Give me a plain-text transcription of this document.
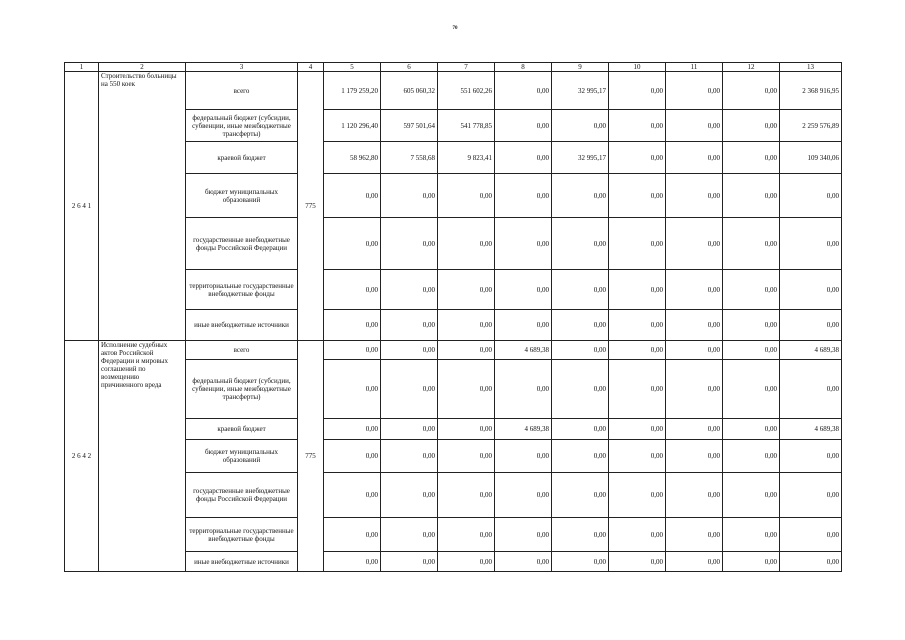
70
1	2	3	4	5	6	7	8	9	10	11	12	13
2 6 4 1	Строительство больницы на 550 коек	всего	775	1 179 259,20	605 060,32	551 602,26	0,00	32 995,17	0,00	0,00	0,00	2 368 916,95
		федеральный бюджет (субсидии, субвенции, иные межбюджетные трансферты)		1 120 296,40	597 501,64	541 778,85	0,00	0,00	0,00	0,00	0,00	2 259 576,89
		краевой бюджет		58 962,80	7 558,68	9 823,41	0,00	32 995,17	0,00	0,00	0,00	109 340,06
		бюджет муниципальных образований		0,00	0,00	0,00	0,00	0,00	0,00	0,00	0,00	0,00
		государственные внебюджетные фонды Российской Федерации		0,00	0,00	0,00	0,00	0,00	0,00	0,00	0,00	0,00
		территориальные государственные внебюджетные фонды		0,00	0,00	0,00	0,00	0,00	0,00	0,00	0,00	0,00
		иные внебюджетные источники		0,00	0,00	0,00	0,00	0,00	0,00	0,00	0,00	0,00
2 6 4 2	Исполнение судебных актов Российской Федерации и мировых соглашений по возмещению причиненного вреда	всего	775	0,00	0,00	0,00	4 689,38	0,00	0,00	0,00	0,00	4 689,38
		федеральный бюджет (субсидии, субвенции, иные межбюджетные трансферты)		0,00	0,00	0,00	0,00	0,00	0,00	0,00	0,00	0,00
		краевой бюджет		0,00	0,00	0,00	4 689,38	0,00	0,00	0,00	0,00	4 689,38
		бюджет муниципальных образований		0,00	0,00	0,00	0,00	0,00	0,00	0,00	0,00	0,00
		государственные внебюджетные фонды Российской Федерации		0,00	0,00	0,00	0,00	0,00	0,00	0,00	0,00	0,00
		территориальные государственные внебюджетные фонды		0,00	0,00	0,00	0,00	0,00	0,00	0,00	0,00	0,00
		иные внебюджетные источники		0,00	0,00	0,00	0,00	0,00	0,00	0,00	0,00	0,00
